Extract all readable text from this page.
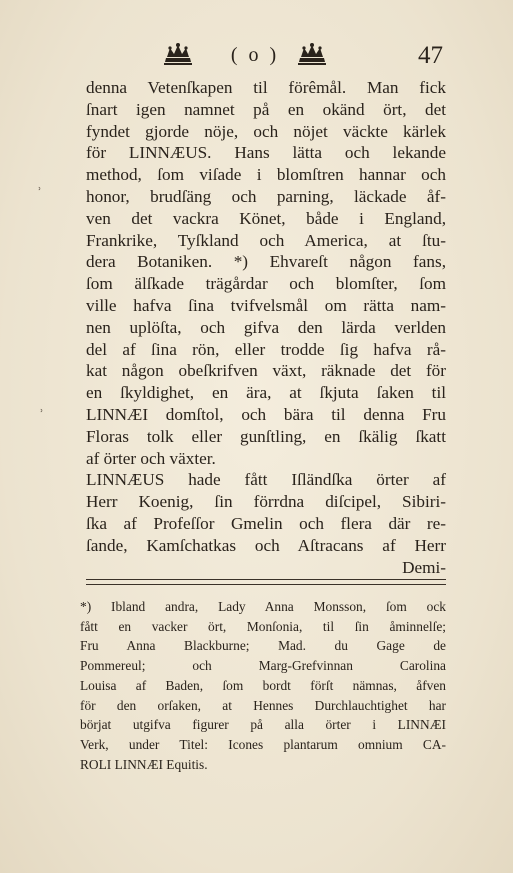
( o )	47
denna Vetenſkapen til förêmål. Man fick
ſnart igen namnet på en okänd ört, det
fyndet gjorde nöje, och nöjet väckte kärlek
för LINNÆUS. Hans lätta och lekande
method, ſom viſade i blomſtren hannar och
honor, brudſäng och parning, läckade åf-
ven det vackra Könet, både i England,
Frankrike, Tyſkland och America, at ſtu-
dera Botaniken. *) Ehvareſt någon fans,
ſom älſkade trägårdar och blomſter, ſom
ville hafva ſina tvifvelsmål om rätta nam-
nen uplöſta, och gifva den lärda verlden
del af ſina rön, eller trodde ſig hafva rå-
kat någon obeſkrifven växt, räknade det för
en ſkyldighet, en ära, at ſkjuta ſaken til
LINNÆI domſtol, och bära til denna Fru
Floras tolk eller gunſtling, en ſkälig ſkatt
af örter och växter.
LINNÆUS hade fått Iſländſka örter af
Herr Koenig, ſin förrdna diſcipel, Sibiri-
ſka af Profeſſor Gmelin och flera där re-
ſande, Kamſchatkas och Aſtracans af Herr
Demi-
*) Ibland andra, Lady Anna Monsson, ſom ock
fått en vacker ört, Monſonia, til ſin åminnelſe;
Fru Anna Blackburne; Mad. du Gage de
Pommereul; och Marg-Grefvinnan Carolina
Louisa af Baden, ſom bordt förſt nämnas, åfven
för den orſaken, at Hennes Durchlauchtighet har
börjat utgifva figurer på alla örter i LINNÆI
Verk, under Titel: Icones plantarum omnium CA-
ROLI LINNÆI Equitis.
˒
˒
